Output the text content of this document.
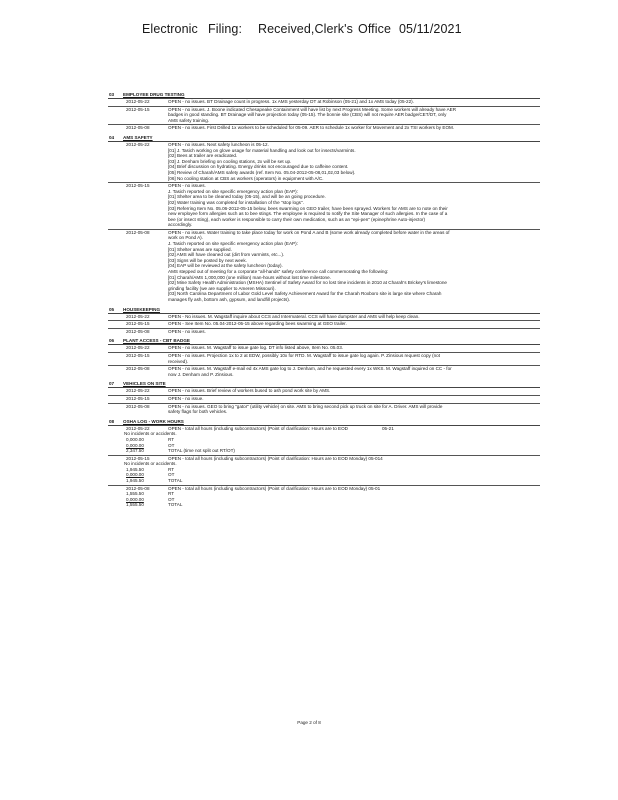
Electronic Filing: Received,Clerk's Office 05/11/2021
03 EMPLOYEE DRUG TESTING
2012-05-22	OPEN - no issues. BT Drainage count in progress. 1x AMS yesterday DT at Robinson (05-21) and 1x AMS today (05-22).
2012-05-15	OPEN - no issues. J. Boone indicated Chesapeake Containment will have list by next Progress Meeting. Some workers will already have AER
badges in good standing. BT Drainage will have projection today (05-15). The bonnie site (CBS) will not require AER badge/CET/DT, only
AMS safety training.
2012-05-08	OPEN - no issues. First Drilled 1x workers to be scheduled for 05-09. AER to schedule 1x worker for Movement and 2x TSI workers by EOM.
04 AMS SAFETY
2012-05-22	OPEN - no issues. Next safety luncheon is 05-12.
[01] J. Tasich working on glove usage for material handling and look out for insects/varmints.
[02] Bees at trailer are eradicated.
[03] J. Denham briefing on cooling stations, 2x will be set up.
[04] Brief discussion on hydrating. Energy drinks not encouraged due to caffeine content.
[05] Review of Charah/AMS safety awards (ref. Item No. 05.04-2012-05-08,01,02,03 below).
[06] No cooling station at CBS as workers (operators) in equipment with A/C.
2012-05-15	OPEN - no issues.
J. Tasich reported on site specific emergency action plan (EAP):
[01] Shelter area to be cleaned today (05-15), and will be an going procedure.
[02] Water training was completed for installation of the "stop logs".
[03] Referring Item No. 05.06-2012-05-15 below, bees swarming on GEO trailer, have been sprayed. Workers for AMS are to note on their
new employee form allergies such as to bee stings. The employee is required to notify the Site Manager of such allergies. In the case of a
bee (or insect sting), each worker is responsible to carry their own medication, such as an "epi-pen" (epinephrine Auto-injector)
accordingly.
2012-05-08	OPEN - no issues. Water training to take place today for work on Pond A and B (some work already completed before water in the areas of
work on Pond A).
J. Tasich reported on site specific emergency action plan (EAP):
[01] Shelter areas are supplied.
[02] AMS will have cleaned out (dirt from varmints, etc...).
[03] Signs will be posted by next week.
[04] EAP will be reviewed at the safety luncheon (today).
AMS stepped out of meeting for a corporate "all-hands" safety conference call commemorating the following:
[01] Charah/AMS 1,000,000 (one million) man-hours without lost time milestone.
[02] Mine Safety Health Administration (MSHA) Sentinel of Safety Award for no lost time incidents in 2010 at Charah's Brickey's limestone
grinding facility (we are supplier to Ameren Missouri).
[03] North Carolina Department of Labor Gold Level Safety Achievement Award for the Charah Roxboro site is large site where Charah
manages fly ash, bottom ash, gypsum, and landfill projects).
05 HOUSEKEEPING
2012-05-22	OPEN - No issues. M. Wagstaff inquire about CCS and Intermateral. CCS will have dumpster and AMS will help keep clean.
2012-05-15	OPEN - See Item No. 05.04-2012-05-15 above regarding bees swarming at GEO trailer.
2012-05-08	OPEN - no issues.
06 PLANT ACCESS - CBT BADGE
2012-05-22	OPEN - no issues. M. Wagstaff to issue gate log. DT info listed above, Item No. 05.03.
2012-05-15	OPEN - no issues. Projection 1x to 2 at EDW, possibly 10x for RTD. M. Wagstaff to issue gate log again. P. Zinsious request copy (not
received).
2012-05-08	OPEN - no issues. M. Wagstaff e-mail ed 4x AMS gate log to J. Denham, and he requested every 1x WKS. M. Wagstaff inquired on CC - for
now J. Denham and P. Zinsious.
07 VEHICLES ON SITE
2012-05-22	OPEN - no issues. Brief review of workers bused to ash pond work site by AMS.
2012-05-15	OPEN - no issue.
2012-05-08	OPEN - no issues. GEO to bring "gator" (utility vehicle) on site. AMS to bring second pick up truck on site for A. Driver. AMS will provide
safety flags for both vehicles.
08 OSHA LOG - WORK HOURS
2012-05-22	OPEN - total all hours (including subcontractors) (Point of clarification: Hours are to EOD	05-21
No incidents or accidents.
0,000.00	RT
0,000.00	OT
2,347.50	TOTAL (time not split out RT/OT)
2012-05-15	OPEN - total all hours (including subcontractors) (Point of clarification: Hours are to EOD Monday) 05-014
No incidents or accidents.
1,945.50	RT
0,000.00	OT
1,945.50	TOTAL
2012-05-08	OPEN - total all hours (including subcontractors) (Point of clarification: Hours are to EOD Monday) 05-01
1,555.50	RT
0,000.00	OT
1,555.50	TOTAL
Page 2 of 8
